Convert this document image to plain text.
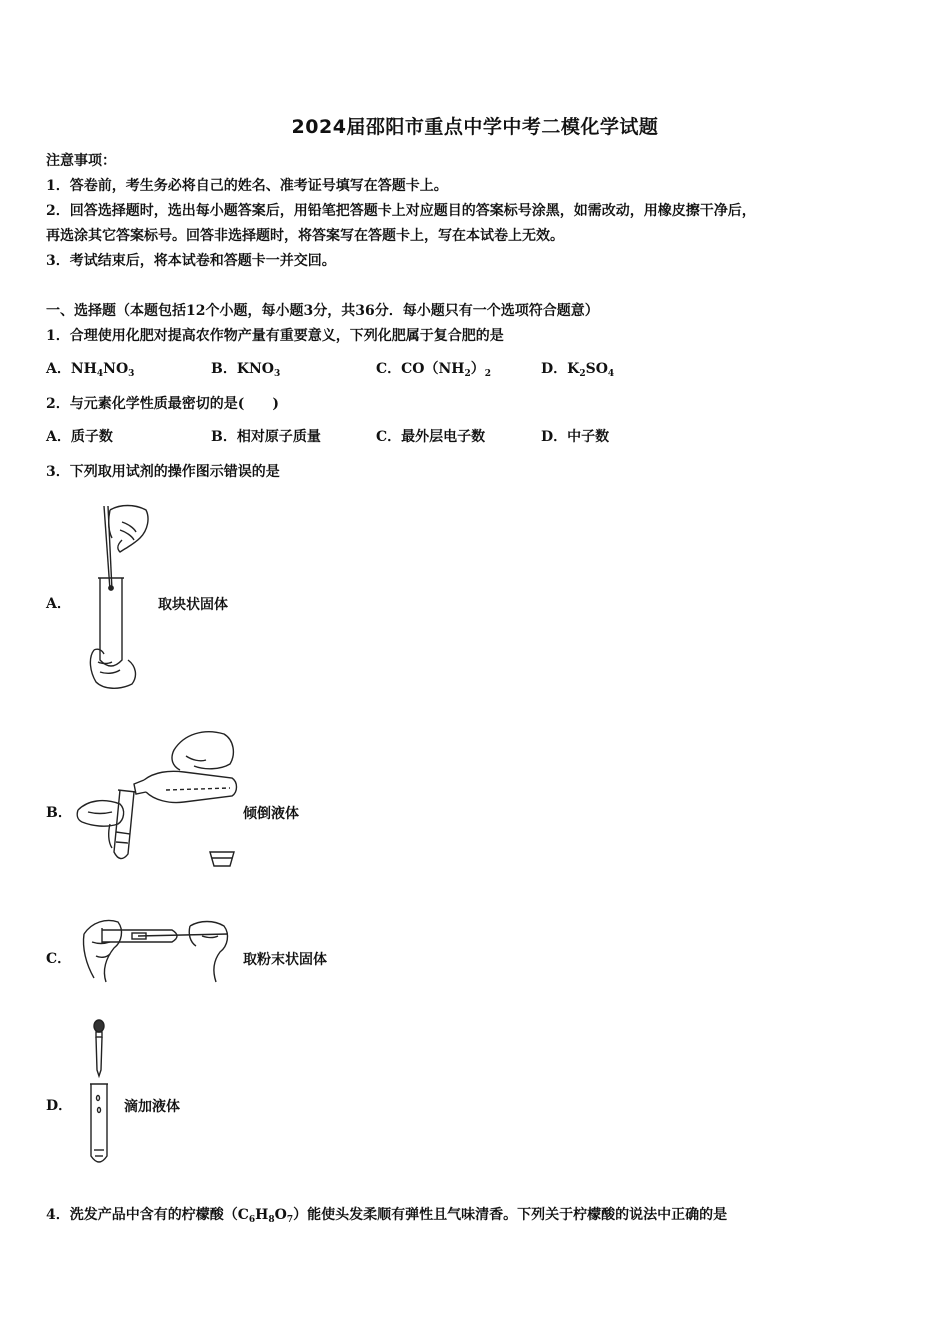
2024届邵阳市重点中学中考二模化学试题
注意事项：
1．答卷前，考生务必将自己的姓名、准考证号填写在答题卡上。
2．回答选择题时，选出每小题答案后，用铅笔把答题卡上对应题目的答案标号涂黑，如需改动，用橡皮擦干净后，
再选涂其它答案标号。回答非选择题时，将答案写在答题卡上，写在本试卷上无效。
3．考试结束后，将本试卷和答题卡一并交回。
一、选择题（本题包括12个小题，每小题3分，共36分．每小题只有一个选项符合题意）
1．合理使用化肥对提高农作物产量有重要意义，下列化肥属于复合肥的是
A．$NH_4NO_3$	B．$KNO_3$	C．$CO(NH_2)_2$	D．$K_2SO_4$
2．与元素化学性质最密切的是(　　)
A．质子数	B．相对原子质量	C．最外层电子数	D．中子数
3．下列取用试剂的操作图示错误的是
A．	取块状固体
B．	倾倒液体
C．	取粉末状固体
D．	滴加液体
4．洗发产品中含有的柠檬酸$(C_6H_8O_7)$能使头发柔顺有弹性且气味清香。下列关于柠檬酸的说法中正确的是
